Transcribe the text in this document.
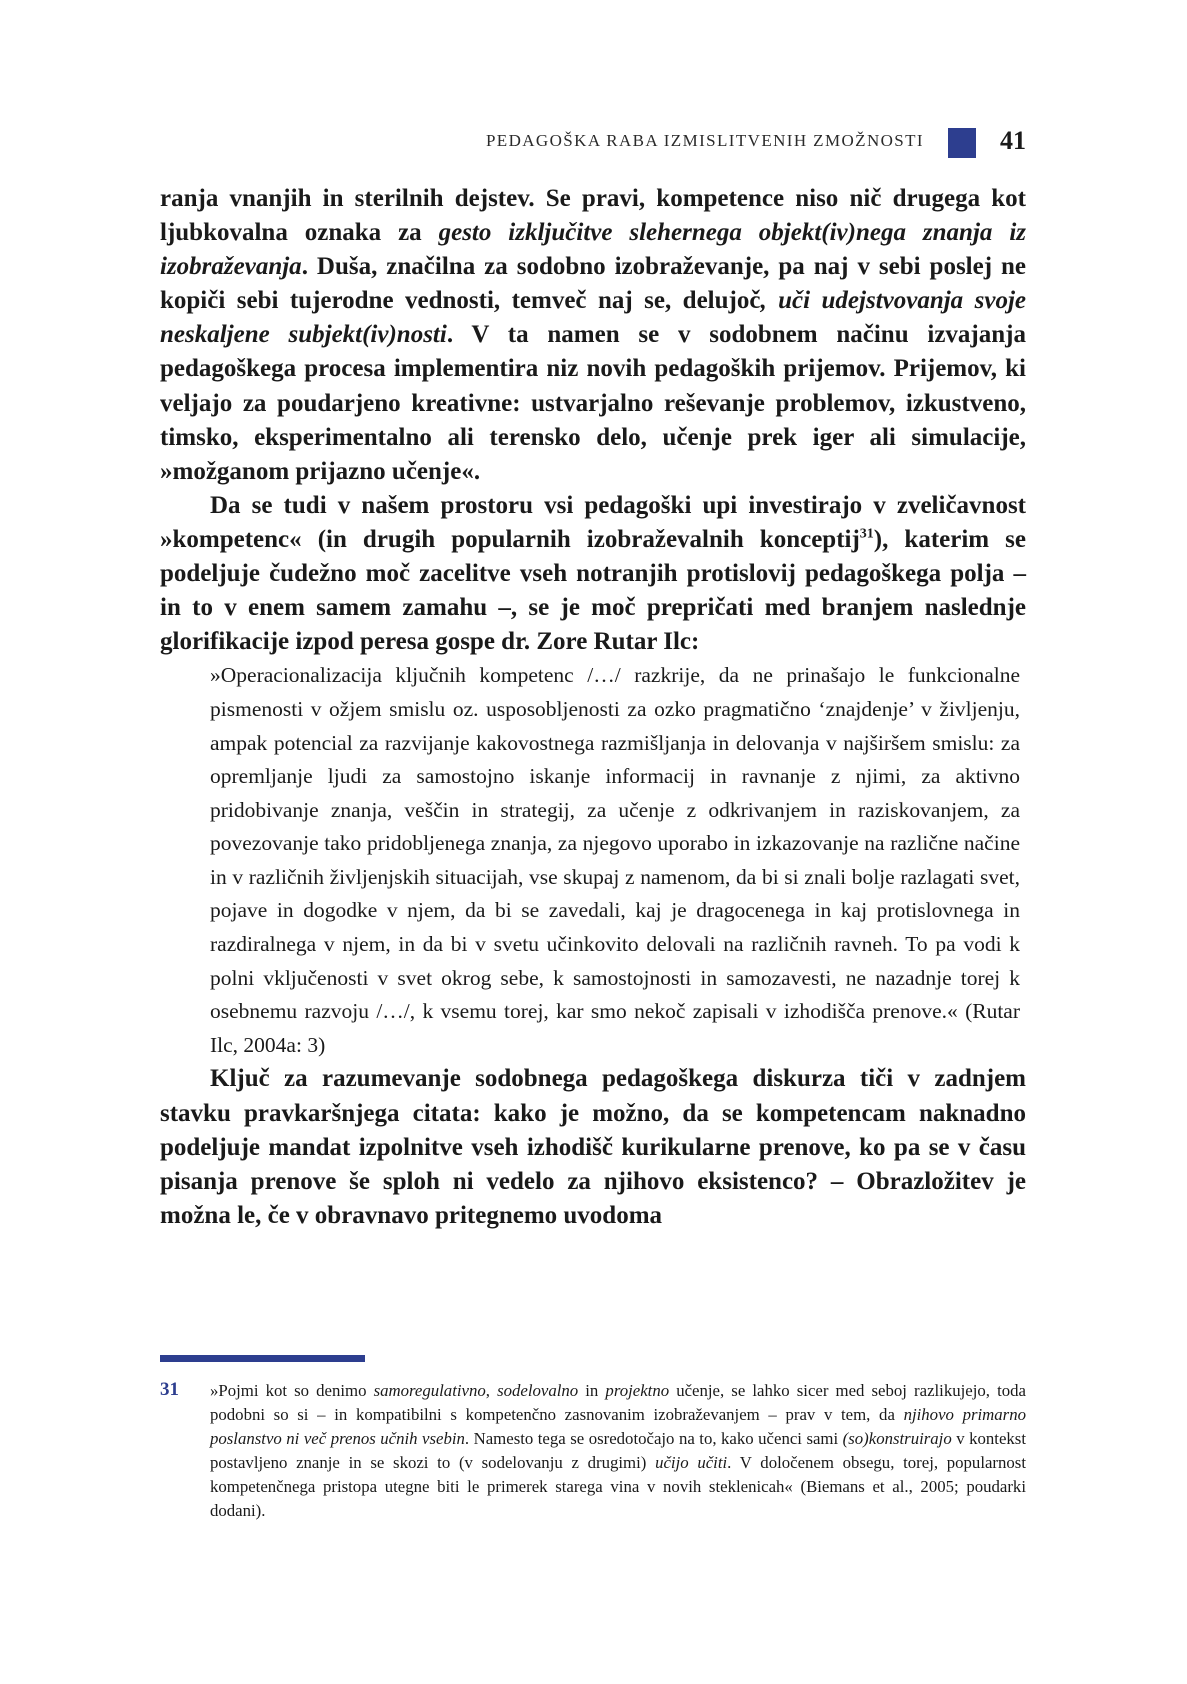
PEDAGOŠKA RABA IZMISLITVENIH ZMOŽNOSTI	41

ranja vnanjih in sterilnih dejstev. Se pravi, kompetence niso nič drugega kot ljubkovalna oznaka za gesto izključitve slehernega objekt(iv)nega znanja iz izobraževanja. Duša, značilna za sodobno izobraževanje, pa naj v sebi poslej ne kopiči sebi tujerodne vednosti, temveč naj se, delujoč, uči udejstvovanja svoje neskaljene subjekt(iv)nosti. V ta namen se v sodobnem načinu izvajanja pedagoškega procesa implementira niz novih pedagoških prijemov. Prijemov, ki veljajo za poudarjeno kreativne: ustvarjalno reševanje problemov, izkustveno, timsko, eksperimentalno ali terensko delo, učenje prek iger ali simulacije, »možganom prijazno učenje«.

Da se tudi v našem prostoru vsi pedagoški upi investirajo v zveličavnost »kompetenc« (in drugih popularnih izobraževalnih konceptij$^{31}$), katerim se podeljuje čudežno moč zacelitve vseh notranjih protislovij pedagoškega polja – in to v enem samem zamahu –, se je moč prepričati med branjem naslednje glorifikacije izpod peresa gospe dr. Zore Rutar Ilc:

»Operacionalizacija ključnih kompetenc /…/ razkrije, da ne prinašajo le funkcionalne pismenosti v ožjem smislu oz. usposobljenosti za ozko pragmatično ‘znajdenje’ v življenju, ampak potencial za razvijanje kakovostnega razmišljanja in delovanja v najširšem smislu: za opremljanje ljudi za samostojno iskanje informacij in ravnanje z njimi, za aktivno pridobivanje znanja, veščin in strategij, za učenje z odkrivanjem in raziskovanjem, za povezovanje tako pridobljenega znanja, za njegovo uporabo in izkazovanje na različne načine in v različnih življenjskih situacijah, vse skupaj z namenom, da bi si znali bolje razlagati svet, pojave in dogodke v njem, da bi se zavedali, kaj je dragocenega in kaj protislovnega in razdiralnega v njem, in da bi v svetu učinkovito delovali na različnih ravneh. To pa vodi k polni vključenosti v svet okrog sebe, k samostojnosti in samozavesti, ne nazadnje torej k osebnemu razvoju /…/, k vsemu torej, kar smo nekoč zapisali v izhodišča prenove.« (Rutar Ilc, 2004a: 3)

Ključ za razumevanje sodobnega pedagoškega diskurza tiči v zadnjem stavku pravkaršnjega citata: kako je možno, da se kompetencam naknadno podeljuje mandat izpolnitve vseh izhodišč kurikularne prenove, ko pa se v času pisanja prenove še sploh ni vedelo za njihovo eksistenco? – Obrazložitev je možna le, če v obravnavo pritegnemo uvodoma

31 »Pojmi kot so denimo samoregulativno, sodelovalno in projektno učenje, se lahko sicer med seboj razlikujejo, toda podobni so si – in kompatibilni s kompetenčno zasnovanim izobraževanjem – prav v tem, da njihovo primarno poslanstvo ni več prenos učnih vsebin. Namesto tega se osredotočajo na to, kako učenci sami (so)konstruirajo v kontekst postavljeno znanje in se skozi to (v sodelovanju z drugimi) učijo učiti. V določenem obsegu, torej, popularnost kompetenčnega pristopa utegne biti le primerek starega vina v novih steklenicah« (Biemans et al., 2005; poudarki dodani).
